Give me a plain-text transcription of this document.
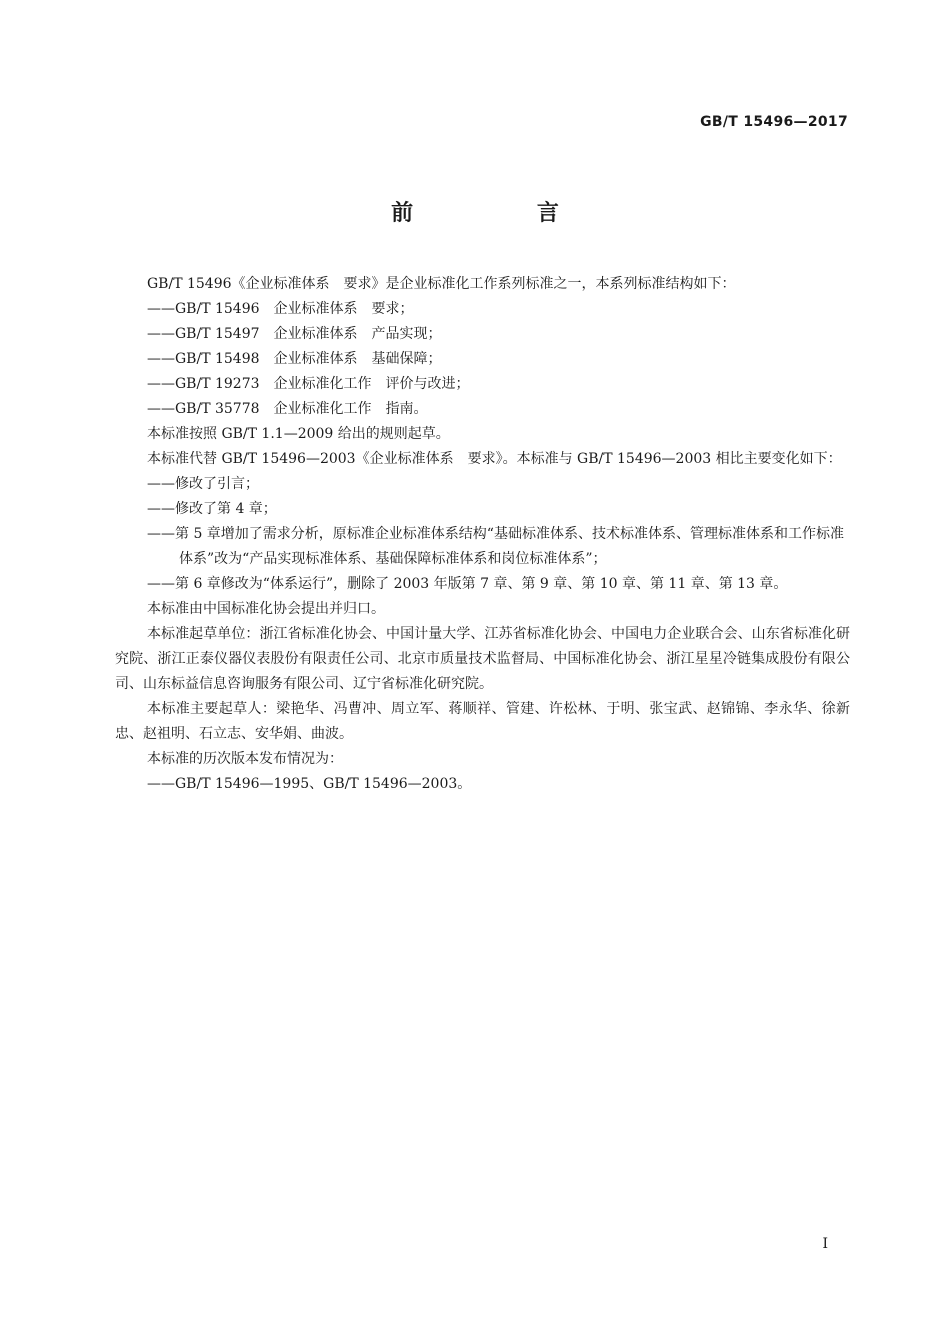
GB/T 15496—2017
前 言

GB/T 15496《企业标准体系　要求》是企业标准化工作系列标准之一，本系列标准结构如下：

——GB/T 15496　企业标准体系　要求；

——GB/T 15497　企业标准体系　产品实现；

——GB/T 15498　企业标准体系　基础保障；

——GB/T 19273　企业标准化工作　评价与改进；

——GB/T 35778　企业标准化工作　指南。

本标准按照 GB/T 1.1—2009 给出的规则起草。

本标准代替 GB/T 15496—2003《企业标准体系　要求》。本标准与 GB/T 15496—2003 相比主要变化如下：

——修改了引言；

——修改了第 4 章；

——第 5 章增加了需求分析，原标准企业标准体系结构“基础标准体系、技术标准体系、管理标准体系和工作标准体系”改为“产品实现标准体系、基础保障标准体系和岗位标准体系”；

——第 6 章修改为“体系运行”，删除了 2003 年版第 7 章、第 9 章、第 10 章、第 11 章、第 13 章。

本标准由中国标准化协会提出并归口。

本标准起草单位：浙江省标准化协会、中国计量大学、江苏省标准化协会、中国电力企业联合会、山东省标准化研究院、浙江正泰仪器仪表股份有限责任公司、北京市质量技术监督局、中国标准化协会、浙江星星冷链集成股份有限公司、山东标益信息咨询服务有限公司、辽宁省标准化研究院。

本标准主要起草人：梁艳华、冯曹冲、周立军、蒋顺祥、管建、许松林、于明、张宝武、赵锦锦、李永华、徐新忠、赵祖明、石立志、安华娟、曲波。

本标准的历次版本发布情况为：

——GB/T 15496—1995、GB/T 15496—2003。

I
